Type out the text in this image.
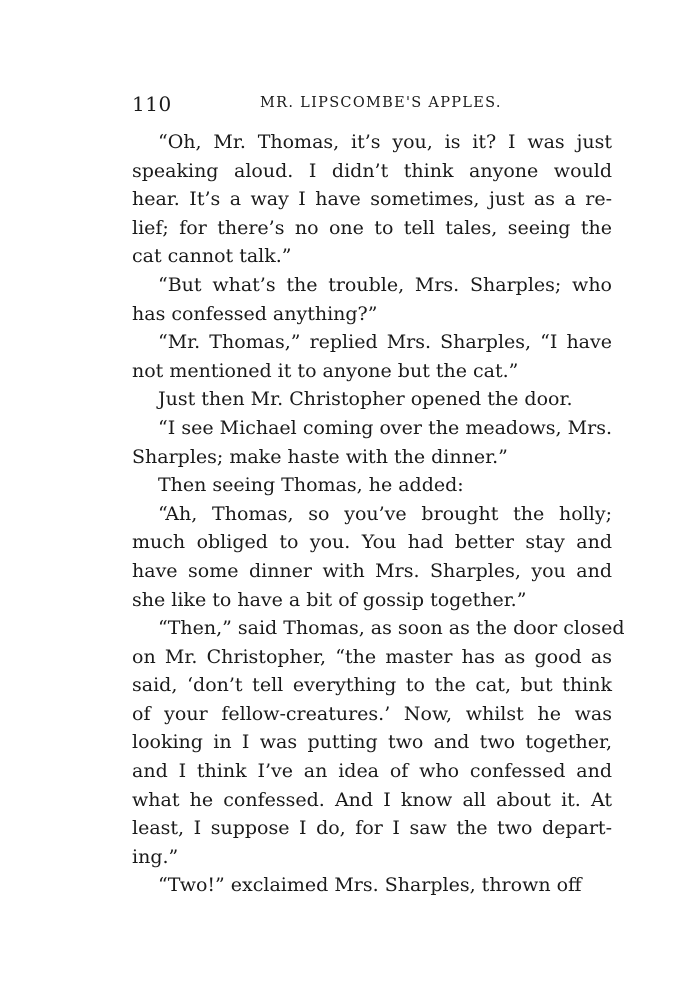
110	MR. LIPSCOMBE'S APPLES.
“Oh, Mr. Thomas, it’s you, is it? I was just
speaking aloud. I didn’t think anyone would
hear. It’s a way I have sometimes, just as a re-
lief; for there’s no one to tell tales, seeing the
cat cannot talk.”
“But what’s the trouble, Mrs. Sharples; who
has confessed anything?”
“Mr. Thomas,” replied Mrs. Sharples, “I have
not mentioned it to anyone but the cat.”
Just then Mr. Christopher opened the door.
“I see Michael coming over the meadows, Mrs.
Sharples; make haste with the dinner.”
Then seeing Thomas, he added:
“Ah, Thomas, so you’ve brought the holly;
much obliged to you. You had better stay and
have some dinner with Mrs. Sharples, you and
she like to have a bit of gossip together.”
“Then,” said Thomas, as soon as the door closed
on Mr. Christopher, “the master has as good as
said, ‘don’t tell everything to the cat, but think
of your fellow-creatures.’ Now, whilst he was
looking in I was putting two and two together,
and I think I’ve an idea of who confessed and
what he confessed. And I know all about it. At
least, I suppose I do, for I saw the two depart-
ing.”
“Two!” exclaimed Mrs. Sharples, thrown off
